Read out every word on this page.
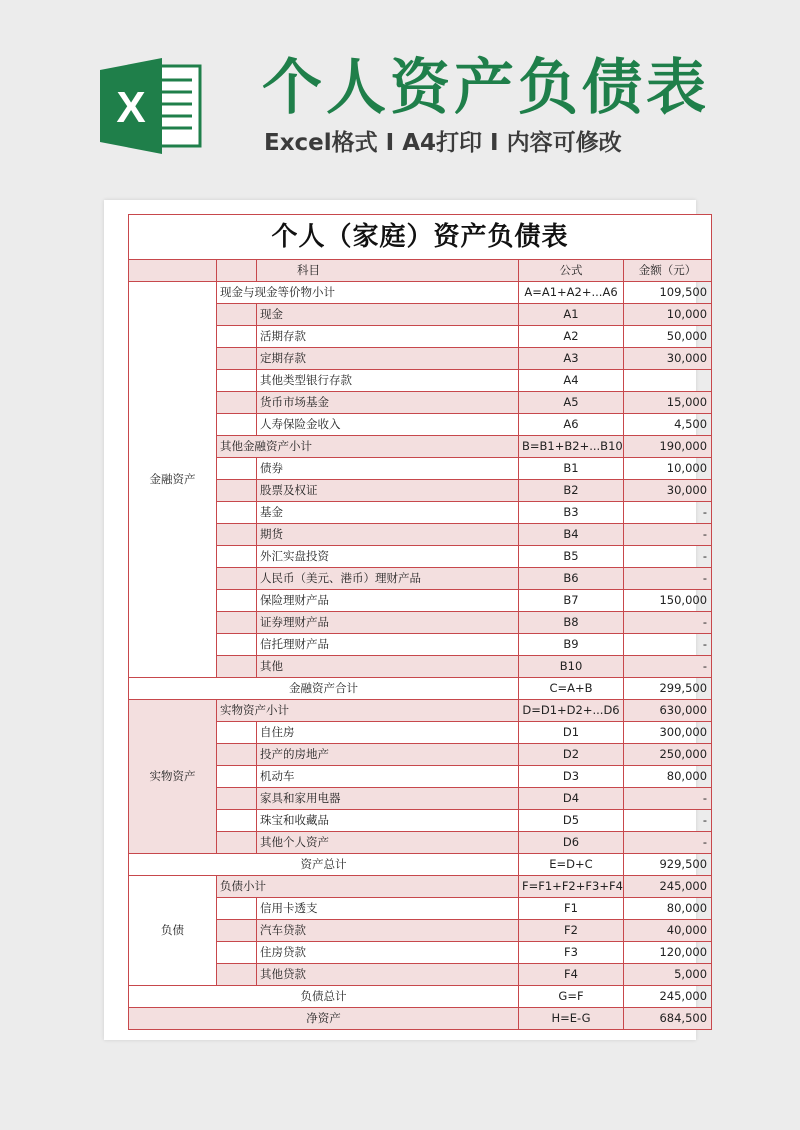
X 个人资产负债表
Excel格式 I A4打印 I 内容可修改
个人（家庭）资产负债表				
		科目	公式	金额（元）
金融资产	现金与现金等价物小计		A=A1+A2+...A6	109,500
		现金	A1	10,000
		活期存款	A2	50,000
		定期存款	A3	30,000
		其他类型银行存款	A4	
		货币市场基金	A5	15,000
		人寿保险金收入	A6	4,500
	其他金融资产小计		B=B1+B2+...B10	190,000
		债券	B1	10,000
		股票及权证	B2	30,000
		基金	B3	-
		期货	B4	-
		外汇实盘投资	B5	-
		人民币（美元、港币）理财产品	B6	-
		保险理财产品	B7	150,000
		证券理财产品	B8	-
		信托理财产品	B9	-
		其他	B10	-
金融资产合计			C=A+B	299,500
实物资产	实物资产小计		D=D1+D2+...D6	630,000
		自住房	D1	300,000
		投产的房地产	D2	250,000
		机动车	D3	80,000
		家具和家用电器	D4	-
		珠宝和收藏品	D5	-
		其他个人资产	D6	-
资产总计			E=D+C	929,500
负债	负债小计		F=F1+F2+F3+F4	245,000
		信用卡透支	F1	80,000
		汽车贷款	F2	40,000
		住房贷款	F3	120,000
		其他贷款	F4	5,000
负债总计			G=F	245,000
净资产			H=E-G	684,500
